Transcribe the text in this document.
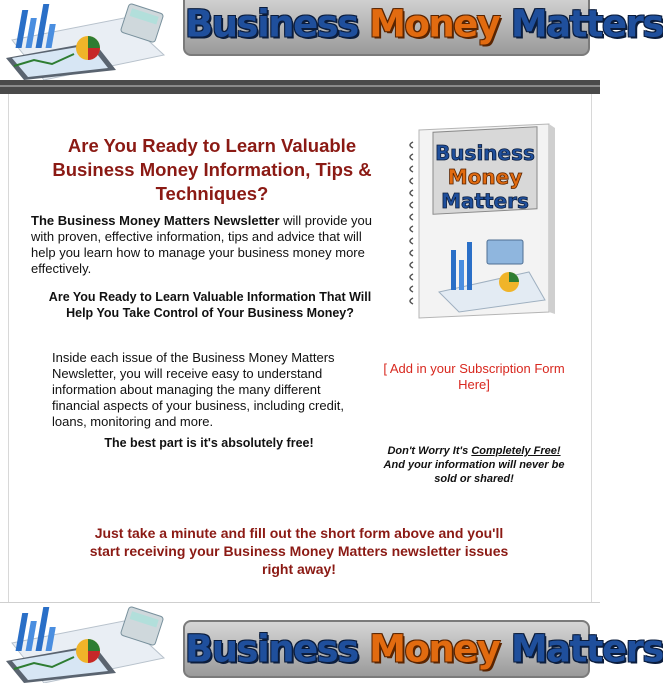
Business Money Matters
Are You Ready to Learn Valuable Business Money Information, Tips & Techniques?
The Business Money Matters Newsletter will provide you with proven, effective information, tips and advice that will help you learn how to manage your business money more effectively.
Are You Ready to Learn Valuable Information That Will Help You Take Control of Your Business Money?
Inside each issue of the Business Money Matters Newsletter, you will receive easy to understand information about managing the many different financial aspects of your business, including credit, loans, monitoring and more.
The best part is it's absolutely free!
Business
Money
Matters
[ Add in your Subscription Form Here]
Don't Worry It's Completely Free! And your information will never be sold or shared!
Just take a minute and fill out the short form above and you'll start receiving your Business Money Matters newsletter issues right away!
Business Money Matters
